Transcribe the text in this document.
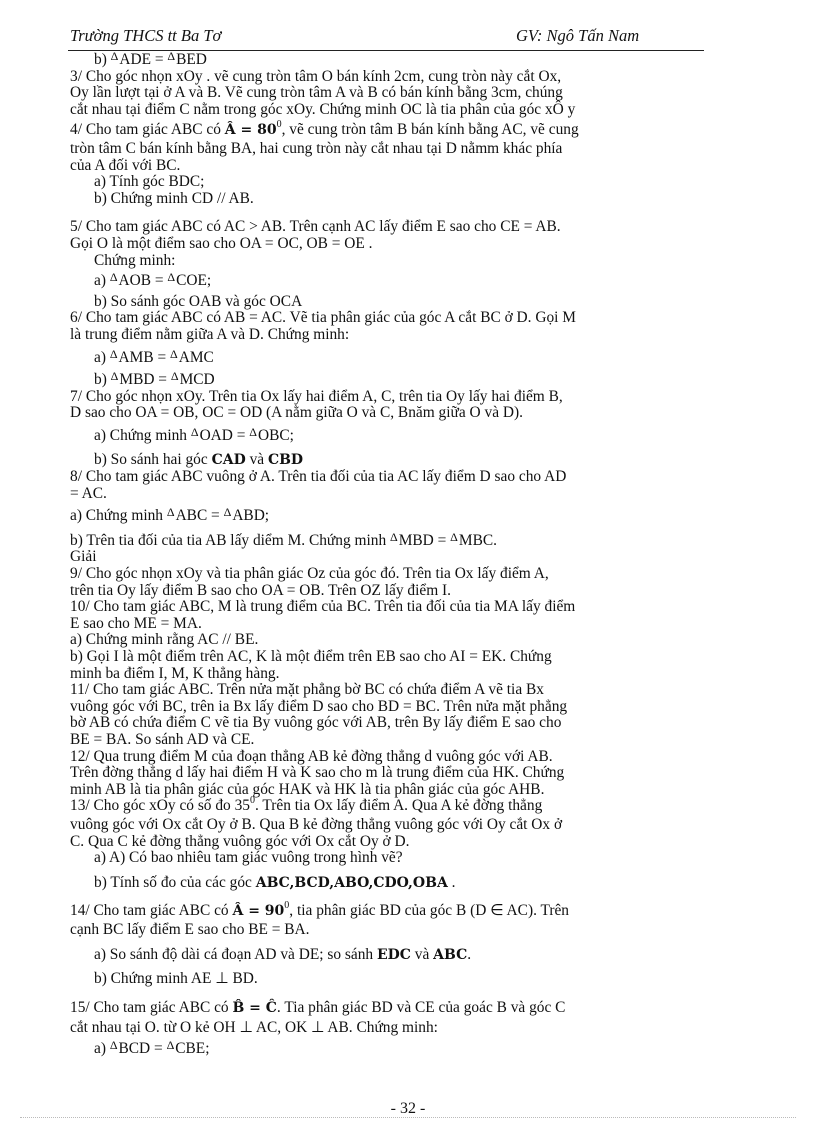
Trường THCS tt Ba Tơ	GV: Ngô Tấn Nam
b) $^\Delta$ADE = $^\Delta$BED
3/ Cho góc nhọn xOy . vẽ cung tròn tâm O bán kính 2cm, cung tròn này cắt Ox,
Oy lần lượt tại ở A và B. Vẽ cung tròn tâm A và B có bán kính bằng 3cm, chúng
cắt nhau tại điểm C nằm trong góc xOy. Chứng minh OC là tia phân của góc xÔ y
4/ Cho tam giác ABC có Â = $80^0$, vẽ cung tròn tâm B bán kính bằng AC, vẽ cung
tròn tâm C bán kính bằng BA, hai cung tròn này cắt nhau tại D nằmm khác phía
của A đối với BC.
a) Tính góc BDC;
b) Chứng minh CD // AB.
5/ Cho tam giác ABC có AC > AB. Trên cạnh AC lấy điểm E sao cho CE = AB.
Gọi O là một điểm sao cho OA = OC, OB = OE .
Chứng minh:
a) $^\Delta$AOB = $^\Delta$COE;
b) So sánh góc OAB và góc OCA
6/ Cho tam giác ABC có AB = AC. Vẽ tia phân giác của góc A cắt BC ở D. Gọi M
là trung điểm nằm giữa A và D. Chứng minh:
a) $^\Delta$AMB = $^\Delta$AMC
b) $^\Delta$MBD = $^\Delta$MCD
7/ Cho góc nhọn xOy. Trên tia Ox lấy hai điểm A, C, trên tia Oy lấy hai điểm B,
D sao cho OA = OB, OC = OD (A nằm giữa O và C, Bnăm giữa O và D).
a) Chứng minh $^\Delta$OAD = $^\Delta$OBC;
b) So sánh hai góc CAD và CBD
8/ Cho tam giác ABC vuông ở A. Trên tia đối của tia AC lấy điểm D sao cho AD
= AC.
a) Chứng minh $^\Delta$ABC = $^\Delta$ABD;
b) Trên tia đối của tia AB lấy diểm M. Chứng minh $^\Delta$MBD = $^\Delta$MBC.
Giải
9/ Cho góc nhọn xOy và tia phân giác Oz của góc đó. Trên tia Ox lấy điểm A,
trên tia Oy lấy điểm B sao cho OA = OB. Trên OZ lấy điểm I.
10/ Cho tam giác ABC, M là trung điểm của BC. Trên tia đối của tia MA lấy điểm
E sao cho ME = MA.
a) Chứng minh rằng AC // BE.
b) Gọi I là một điểm trên AC, K là một điểm trên EB sao cho AI = EK. Chứng
minh ba điểm I, M, K thẳng hàng.
11/ Cho tam giác ABC. Trên nửa mặt phẳng bờ BC có chứa điểm A vẽ tia Bx
vuông góc với BC, trên ia Bx lấy điểm D sao cho BD = BC. Trên nửa mặt phẳng
bờ AB có chứa điểm C vẽ tia By vuông góc với AB, trên By lấy điểm E sao cho
BE = BA. So sánh AD và CE.
12/ Qua trung điểm M của đoạn thẳng AB kẻ đờng thẳng d vuông góc với AB.
Trên đờng thẳng d lấy hai điểm H và K sao cho m là trung điểm của HK. Chứng
minh AB là tia phân giác của góc HAK và HK là tia phân giác của góc AHB.
13/ Cho góc xOy có số đo $35^0$. Trên tia Ox lấy điểm A. Qua A kẻ đờng thẳng
vuông góc với Ox cắt Oy ở B. Qua B kẻ đờng thẳng vuông góc với Oy cắt Ox ở
C. Qua C kẻ đờng thẳng vuông góc với Ox cắt Oy ở D.
a) A) Có bao nhiêu tam giác vuông trong hình vẽ?
b) Tính số đo của các góc ABC,BCD,ABO,CDO,OBA .
14/ Cho tam giác ABC có Â = $90^0$, tia phân giác BD của góc B (D ∈ AC). Trên
cạnh BC lấy điểm E sao cho BE = BA.
a) So sánh độ dài cá đoạn AD và DE; so sánh EDC và ABC.
b) Chứng minh AE ⊥ BD.
15/ Cho tam giác ABC có B̂ = Ĉ. Tia phân giác BD và CE của goác B và góc C
cắt nhau tại O. từ O kẻ OH ⊥ AC, OK ⊥ AB. Chứng minh:
a) $^\Delta$BCD = $^\Delta$CBE;
- 32 -
